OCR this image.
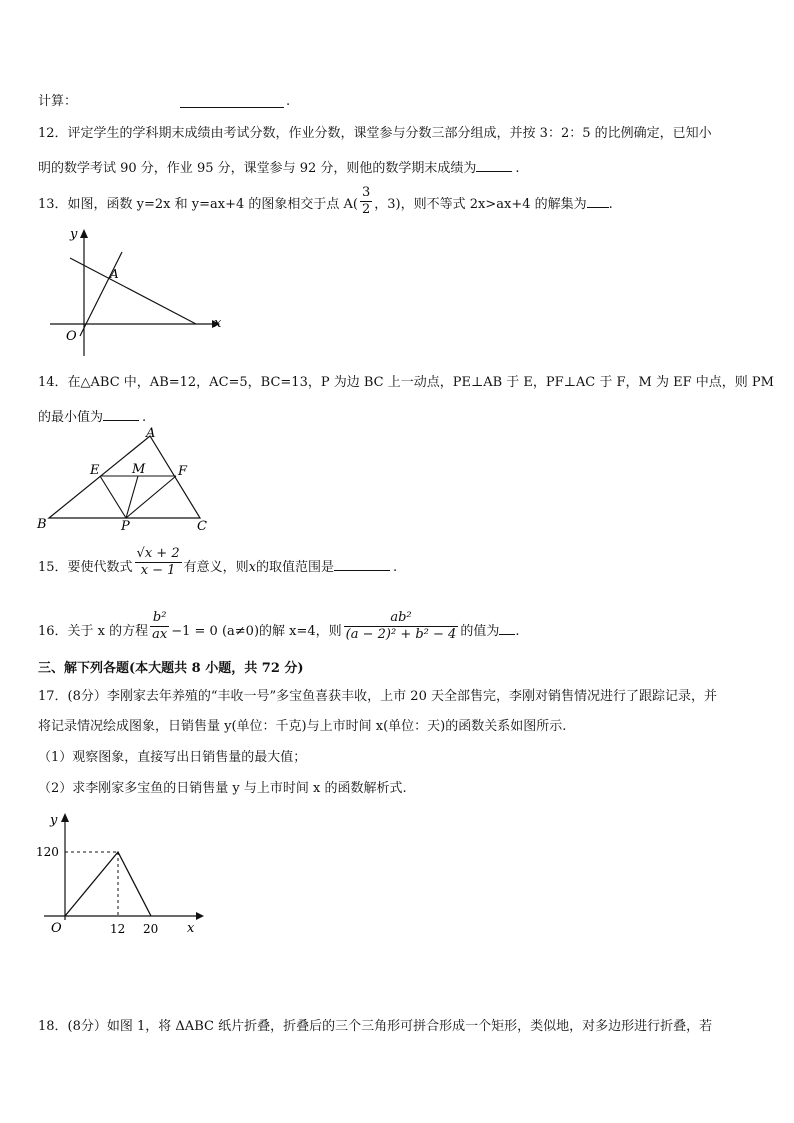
计算：	.
12．评定学生的学科期末成绩由考试分数，作业分数，课堂参与分数三部分组成，并按 3：2：5 的比例确定，已知小
明的数学考试 90 分，作业 95 分，课堂参与 92 分，则他的数学期末成绩为	.
13．如图，函数 y=2x 和 y=ax+4 的图象相交于点 $A( \frac{3}{2}$ ，3)，则不等式 2x>ax+4 的解集为 .
y
x
O
A
14．在△ABC 中，AB=12，AC=5，BC=13，P 为边 BC 上一动点，PE⊥AB 于 E，PF⊥AC 于 F，M 为 EF 中点，则 PM
的最小值为	.
A
B	C
E	F
M
P
15．要使代数式 $\frac{√x + 2}{x - 1}$ 有意义，则x的取值范围是	.
16．关于 x 的方程 $\frac{\text{b²}}{ax} -1 = 0$ (a≠0)的解 x=4，则 $\frac{\text{ab²}}{\text{(a − 2)² + b² − 4}}$ 的值为 .
三、解下列各题(本大题共 8 小题，共 72 分)
17．(8分）李刚家去年养殖的“丰收一号”多宝鱼喜获丰收，上市 20 天全部售完，李刚对销售情况进行了跟踪记录，并
将记录情况绘成图象，日销售量 y(单位：千克)与上市时间 x(单位：天)的函数关系如图所示.
（1）观察图象，直接写出日销售量的最大值；
（2）求李刚家多宝鱼的日销售量 y 与上市时间 x 的函数解析式.
y
x
O
120
12 20
18．(8分）如图 1，将 ΔABC 纸片折叠，折叠后的三个三角形可拼合形成一个矩形，类似地，对多边形进行折叠，若
